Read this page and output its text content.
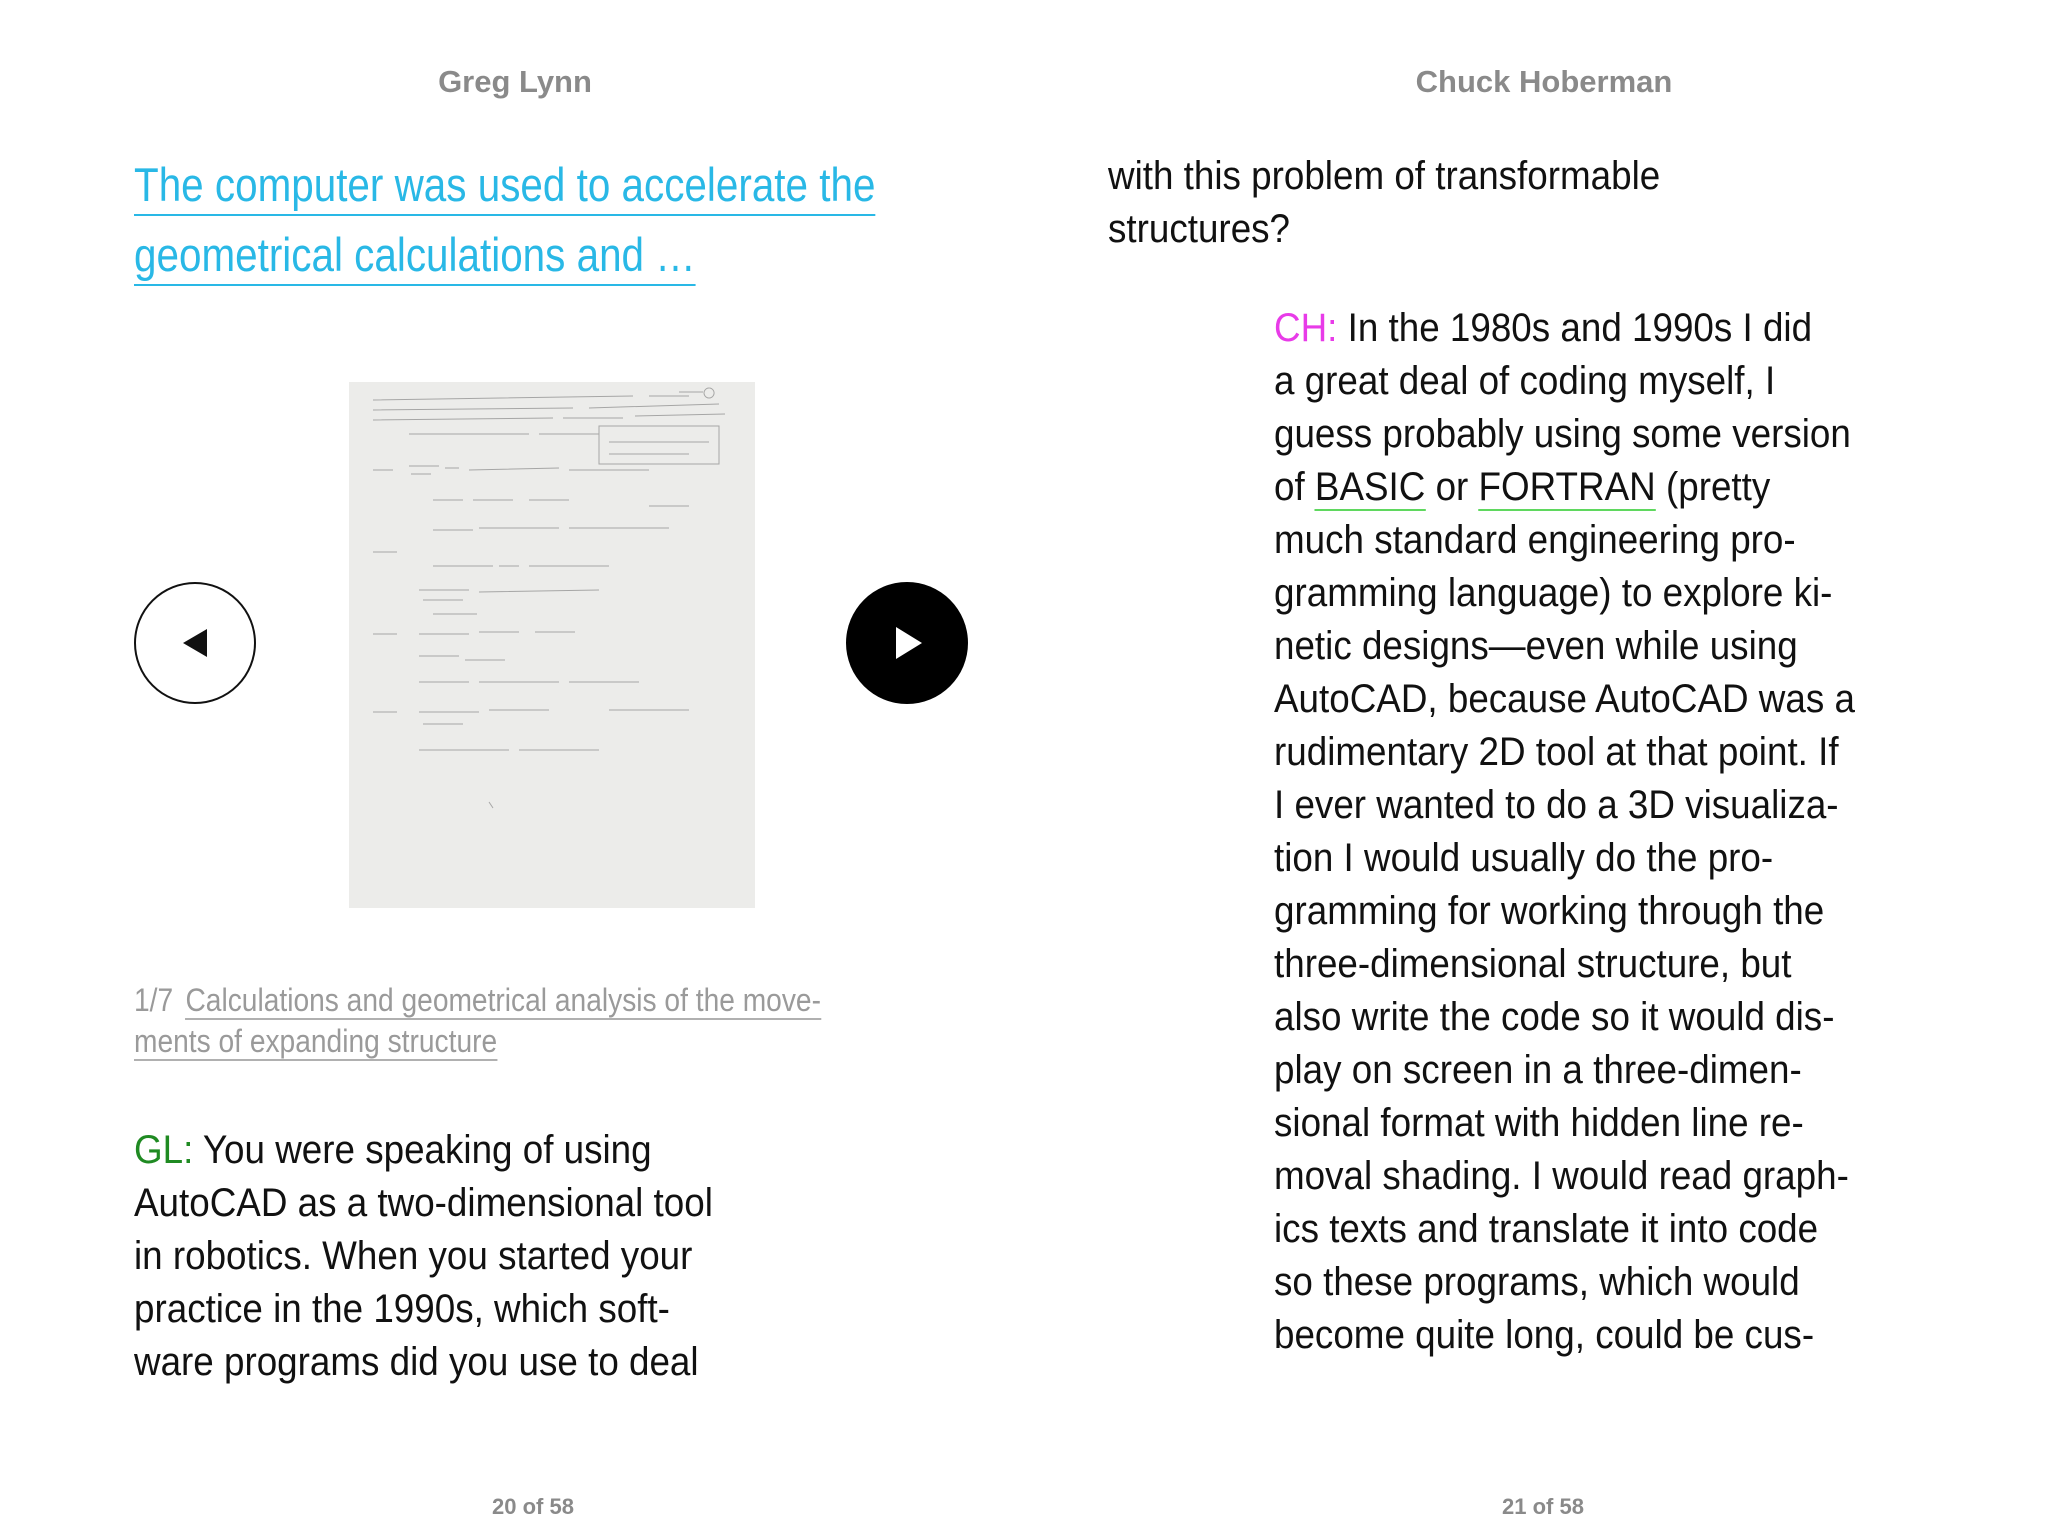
Greg Lynn
The computer was used to accelerate the
geometrical calculations and …
1/7 Calculations and geometrical analysis of the move-
ments of expanding structure
GL: You were speaking of using
AutoCAD as a two-dimensional tool
in robotics. When you started your
practice in the 1990s, which soft-
ware programs did you use to deal
20 of 58
Chuck Hoberman
with this problem of transformable
structures?
CH: In the 1980s and 1990s I did
a great deal of coding myself, I
guess probably using some version
of BASIC or FORTRAN (pretty
much standard engineering pro-
gramming language) to explore ki-
netic designs—even while using
AutoCAD, because AutoCAD was a
rudimentary 2D tool at that point. If
I ever wanted to do a 3D visualiza-
tion I would usually do the pro-
gramming for working through the
three-dimensional structure, but
also write the code so it would dis-
play on screen in a three-dimen-
sional format with hidden line re-
moval shading. I would read graph-
ics texts and translate it into code
so these programs, which would
become quite long, could be cus-
21 of 58
